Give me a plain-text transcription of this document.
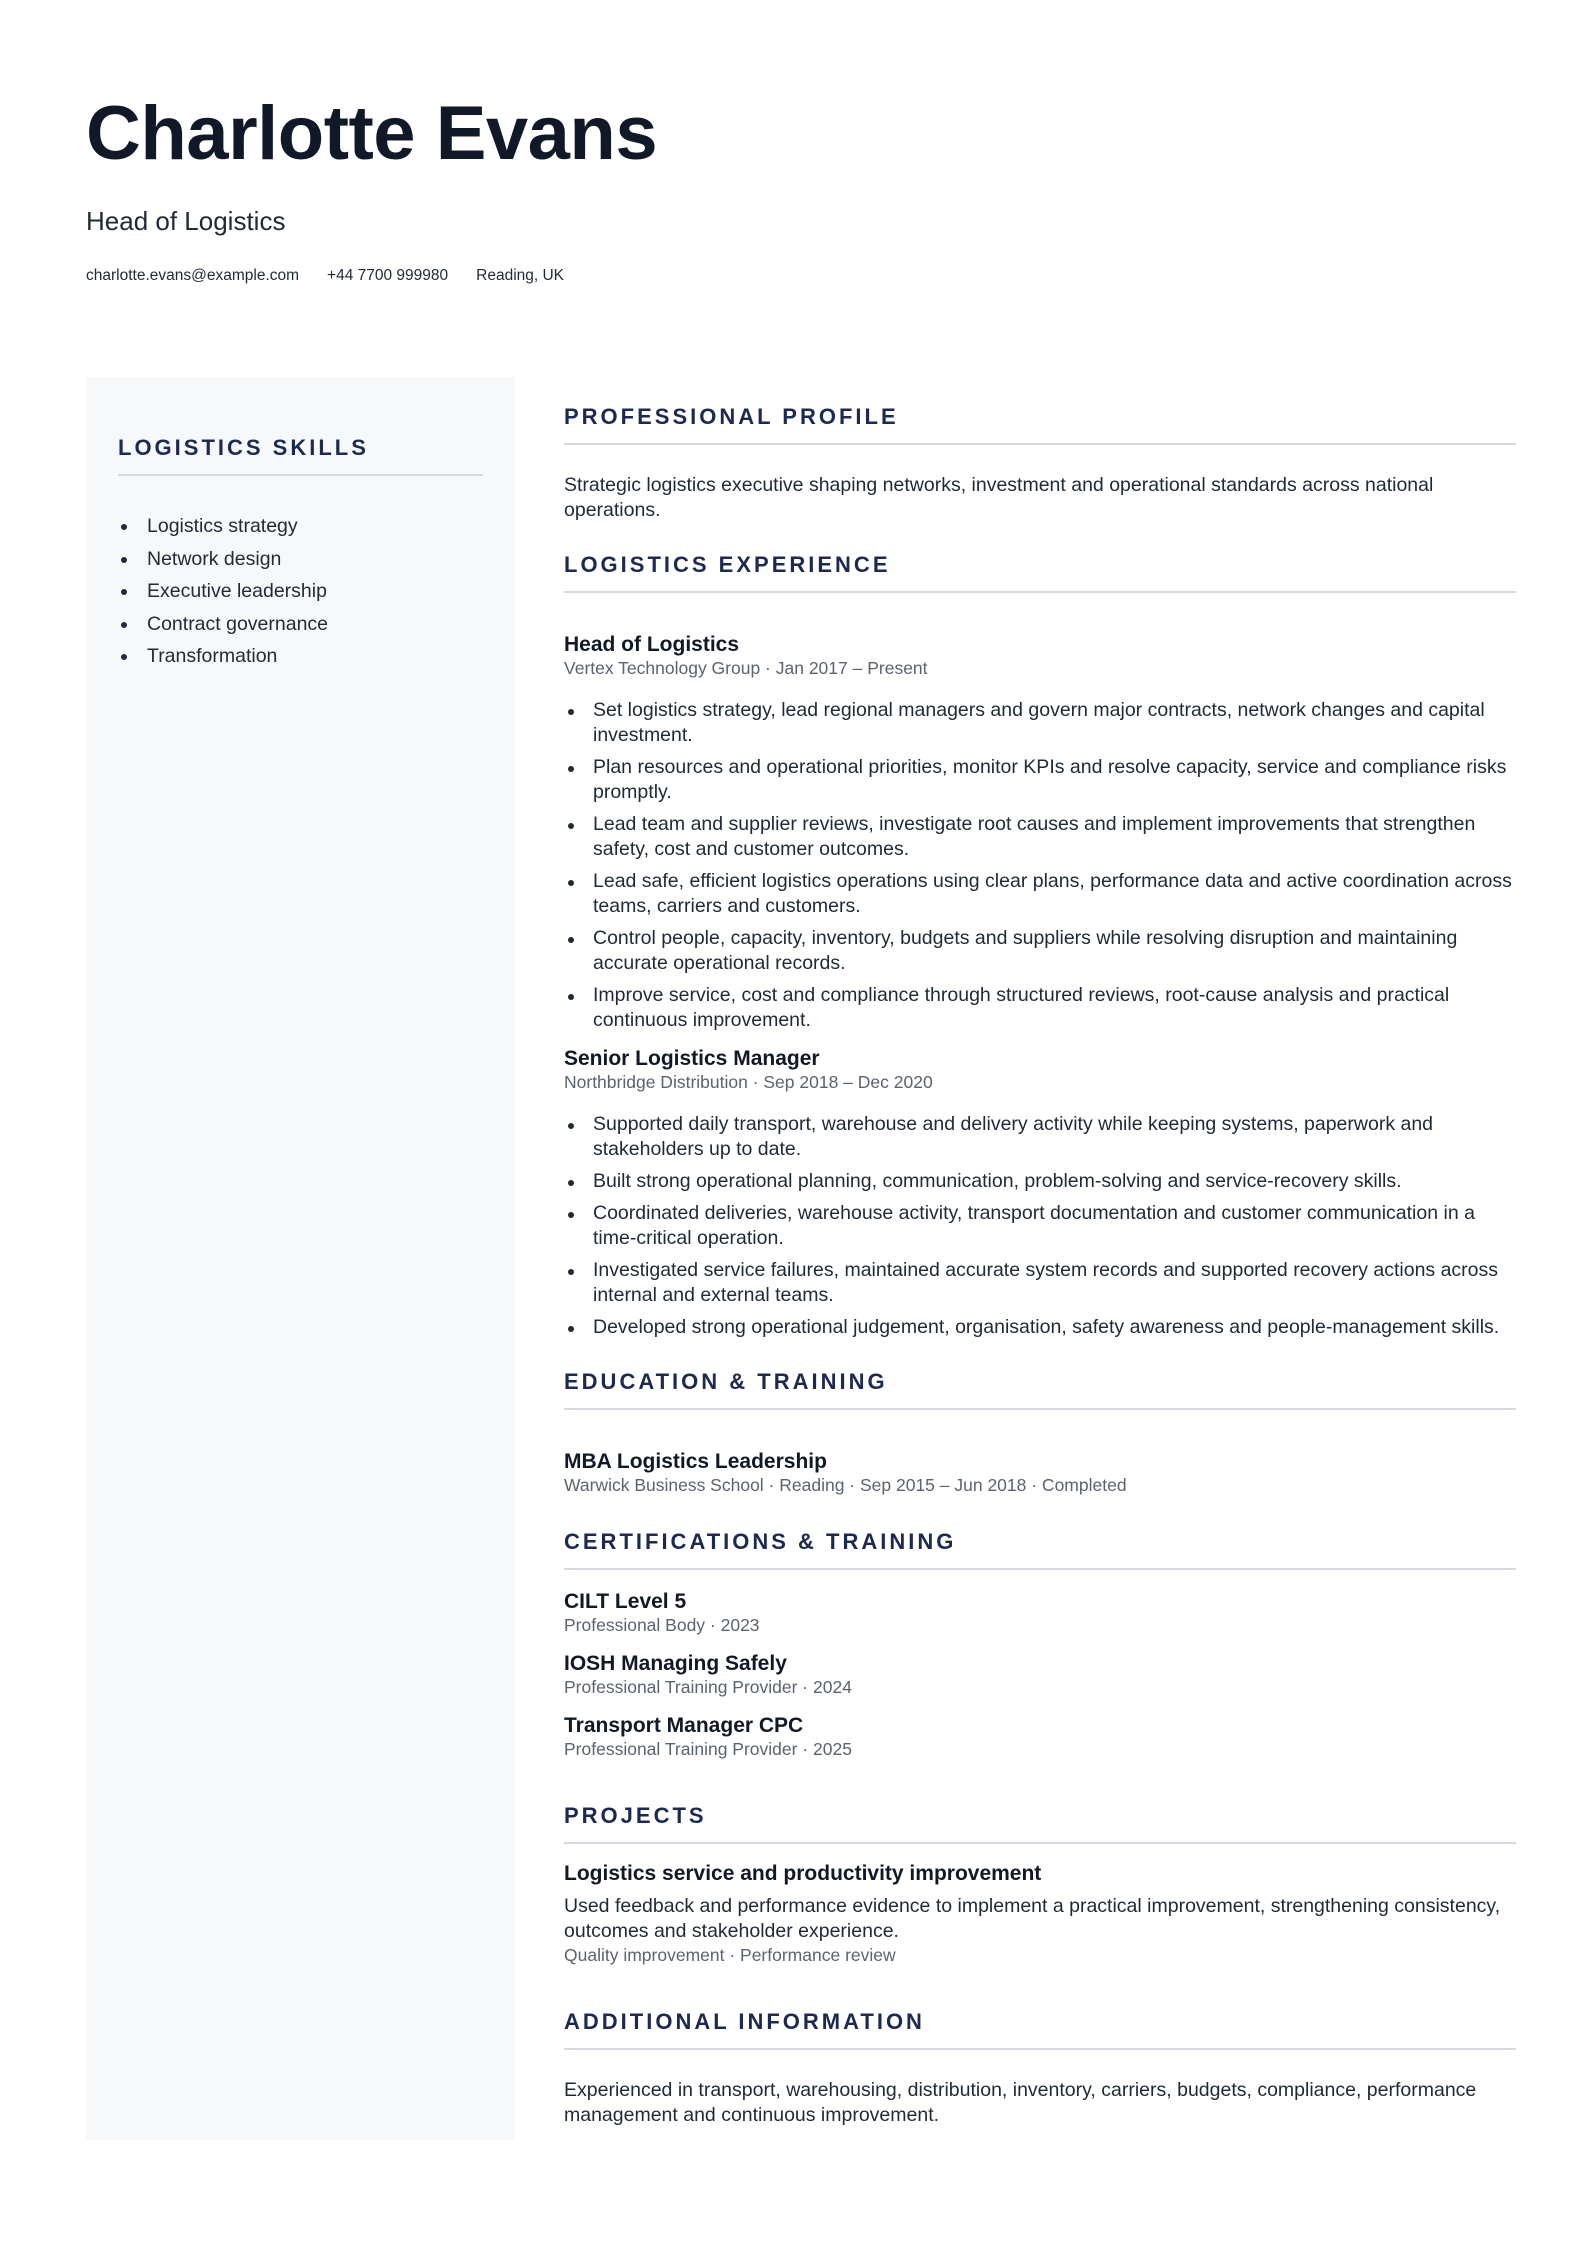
Charlotte Evans
Head of Logistics
charlotte.evans@example.com +44 7700 999980 Reading, UK
LOGISTICS SKILLS
Logistics strategy
Network design
Executive leadership
Contract governance
Transformation
PROFESSIONAL PROFILE

Strategic logistics executive shaping networks, investment and operational standards across national operations.

LOGISTICS EXPERIENCE
Head of Logistics
Vertex Technology Group · Jan 2017 – Present
Set logistics strategy, lead regional managers and govern major contracts, network changes and capital investment.
Plan resources and operational priorities, monitor KPIs and resolve capacity, service and compliance risks promptly.
Lead team and supplier reviews, investigate root causes and implement improvements that strengthen safety, cost and customer outcomes.
Lead safe, efficient logistics operations using clear plans, performance data and active coordination across teams, carriers and customers.
Control people, capacity, inventory, budgets and suppliers while resolving disruption and maintaining accurate operational records.
Improve service, cost and compliance through structured reviews, root-cause analysis and practical continuous improvement.
Senior Logistics Manager
Northbridge Distribution · Sep 2018 – Dec 2020
Supported daily transport, warehouse and delivery activity while keeping systems, paperwork and stakeholders up to date.
Built strong operational planning, communication, problem-solving and service-recovery skills.
Coordinated deliveries, warehouse activity, transport documentation and customer communication in a time-critical operation.
Investigated service failures, maintained accurate system records and supported recovery actions across internal and external teams.
Developed strong operational judgement, organisation, safety awareness and people-management skills.
EDUCATION & TRAINING
MBA Logistics Leadership
Warwick Business School · Reading · Sep 2015 – Jun 2018 · Completed
CERTIFICATIONS & TRAINING
CILT Level 5
Professional Body · 2023
IOSH Managing Safely
Professional Training Provider · 2024
Transport Manager CPC
Professional Training Provider · 2025
PROJECTS
Logistics service and productivity improvement

Used feedback and performance evidence to implement a practical improvement, strengthening consistency, outcomes and stakeholder experience.

Quality improvement · Performance review
ADDITIONAL INFORMATION

Experienced in transport, warehousing, distribution, inventory, carriers, budgets, compliance, performance management and continuous improvement.
